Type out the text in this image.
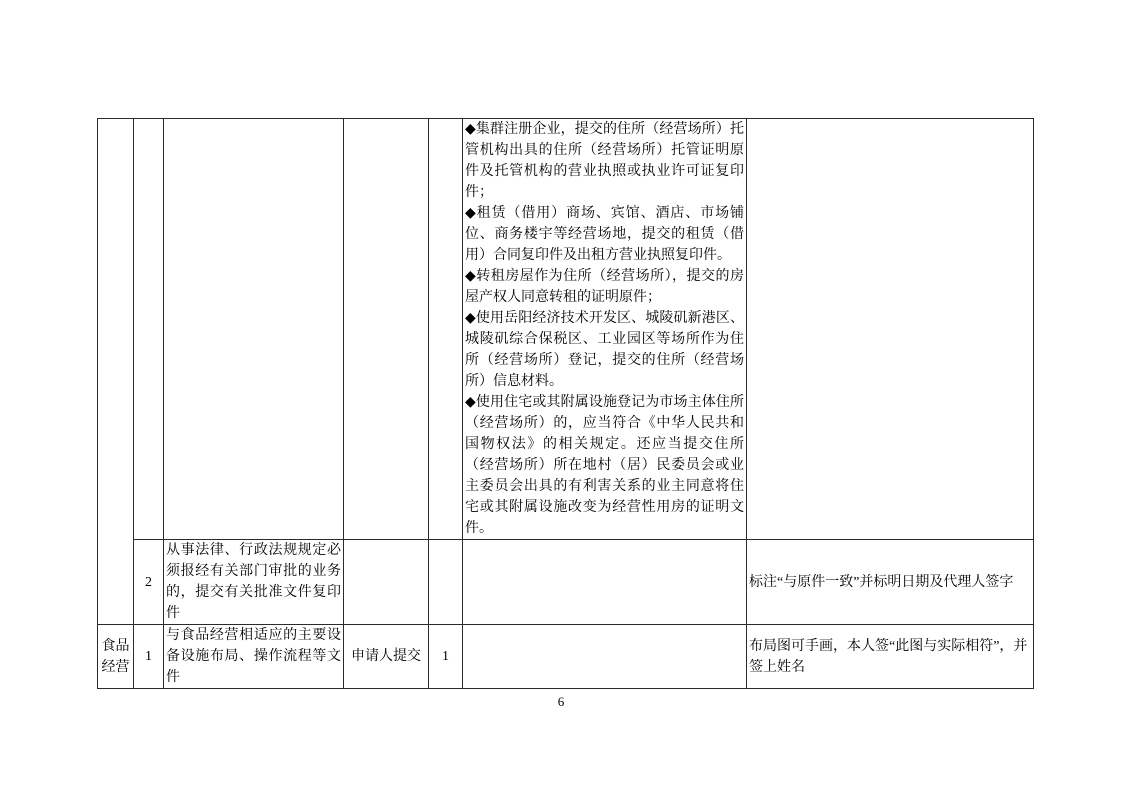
					◆集群注册企业，提交的住所（经营场所）托管机构出具的住所（经营场所）托管证明原件及托管机构的营业执照或执业许可证复印件；

◆租赁（借用）商场、宾馆、酒店、市场铺位、商务楼宇等经营场地，提交的租赁（借用）合同复印件及出租方营业执照复印件。

◆转租房屋作为住所（经营场所），提交的房屋产权人同意转租的证明原件；

◆使用岳阳经济技术开发区、城陵矶新港区、城陵矶综合保税区、工业园区等场所作为住所（经营场所）登记，提交的住所（经营场所）信息材料。

◆使用住宅或其附属设施登记为市场主体住所（经营场所）的，应当符合《中华人民共和国物权法》的相关规定。还应当提交住所（经营场所）所在地村（居）民委员会或业主委员会出具的有利害关系的业主同意将住宅或其附属设施改变为经营性用房的证明文件。	

	2	从事法律、行政法规规定必须报经有关部门审批的业务的，提交有关批准文件复印件				标注“与原件一致”并标明日期及代理人签字
食品经营	1	与食品经营相适应的主要设备设施布局、操作流程等文件	申请人提交	1		布局图可手画，本人签“此图与实际相符”，并签上姓名
6
